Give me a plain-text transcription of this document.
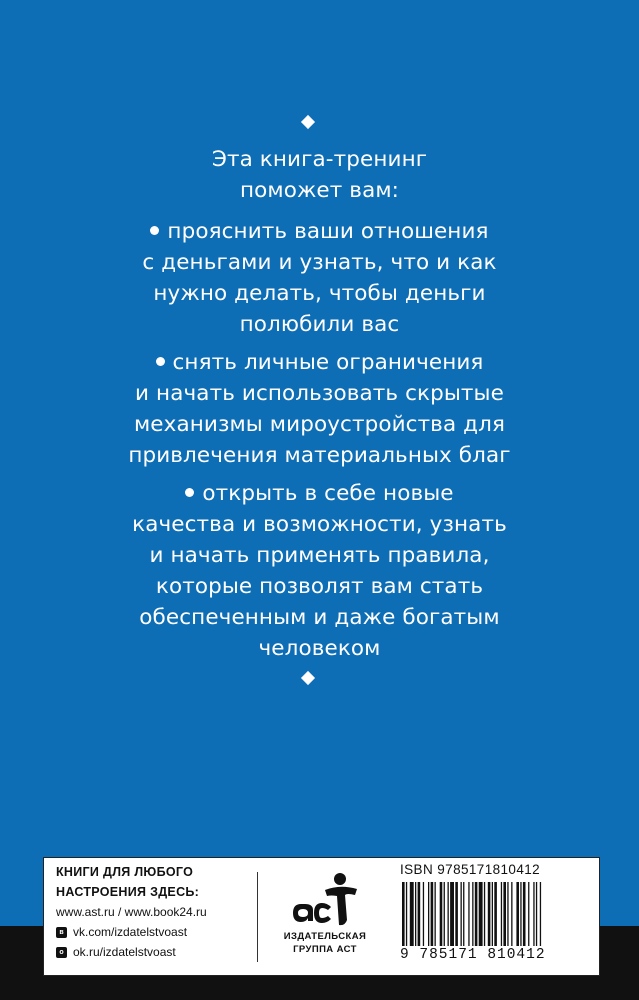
Эта книга-тренинг
поможет вам:
прояснить ваши отношения
с деньгами и узнать, что и как
нужно делать, чтобы деньги
полюбили вас
снять личные ограничения
и начать использовать скрытые
механизмы мироустройства для
привлечения материальных благ
открыть в себе новые
качества и возможности, узнать
и начать применять правила,
которые позволят вам стать
обеспеченным и даже богатым
человеком
КНИГИ ДЛЯ ЛЮБОГО
НАСТРОЕНИЯ ЗДЕСЬ:
www.ast.ru / www.book24.ru
в vk.com/izdatelstvoast
o ok.ru/izdatelstvoast
ИЗДАТЕЛЬСКАЯ
ГРУППА АСТ
ISBN 9785171810412
9 785171 810412
